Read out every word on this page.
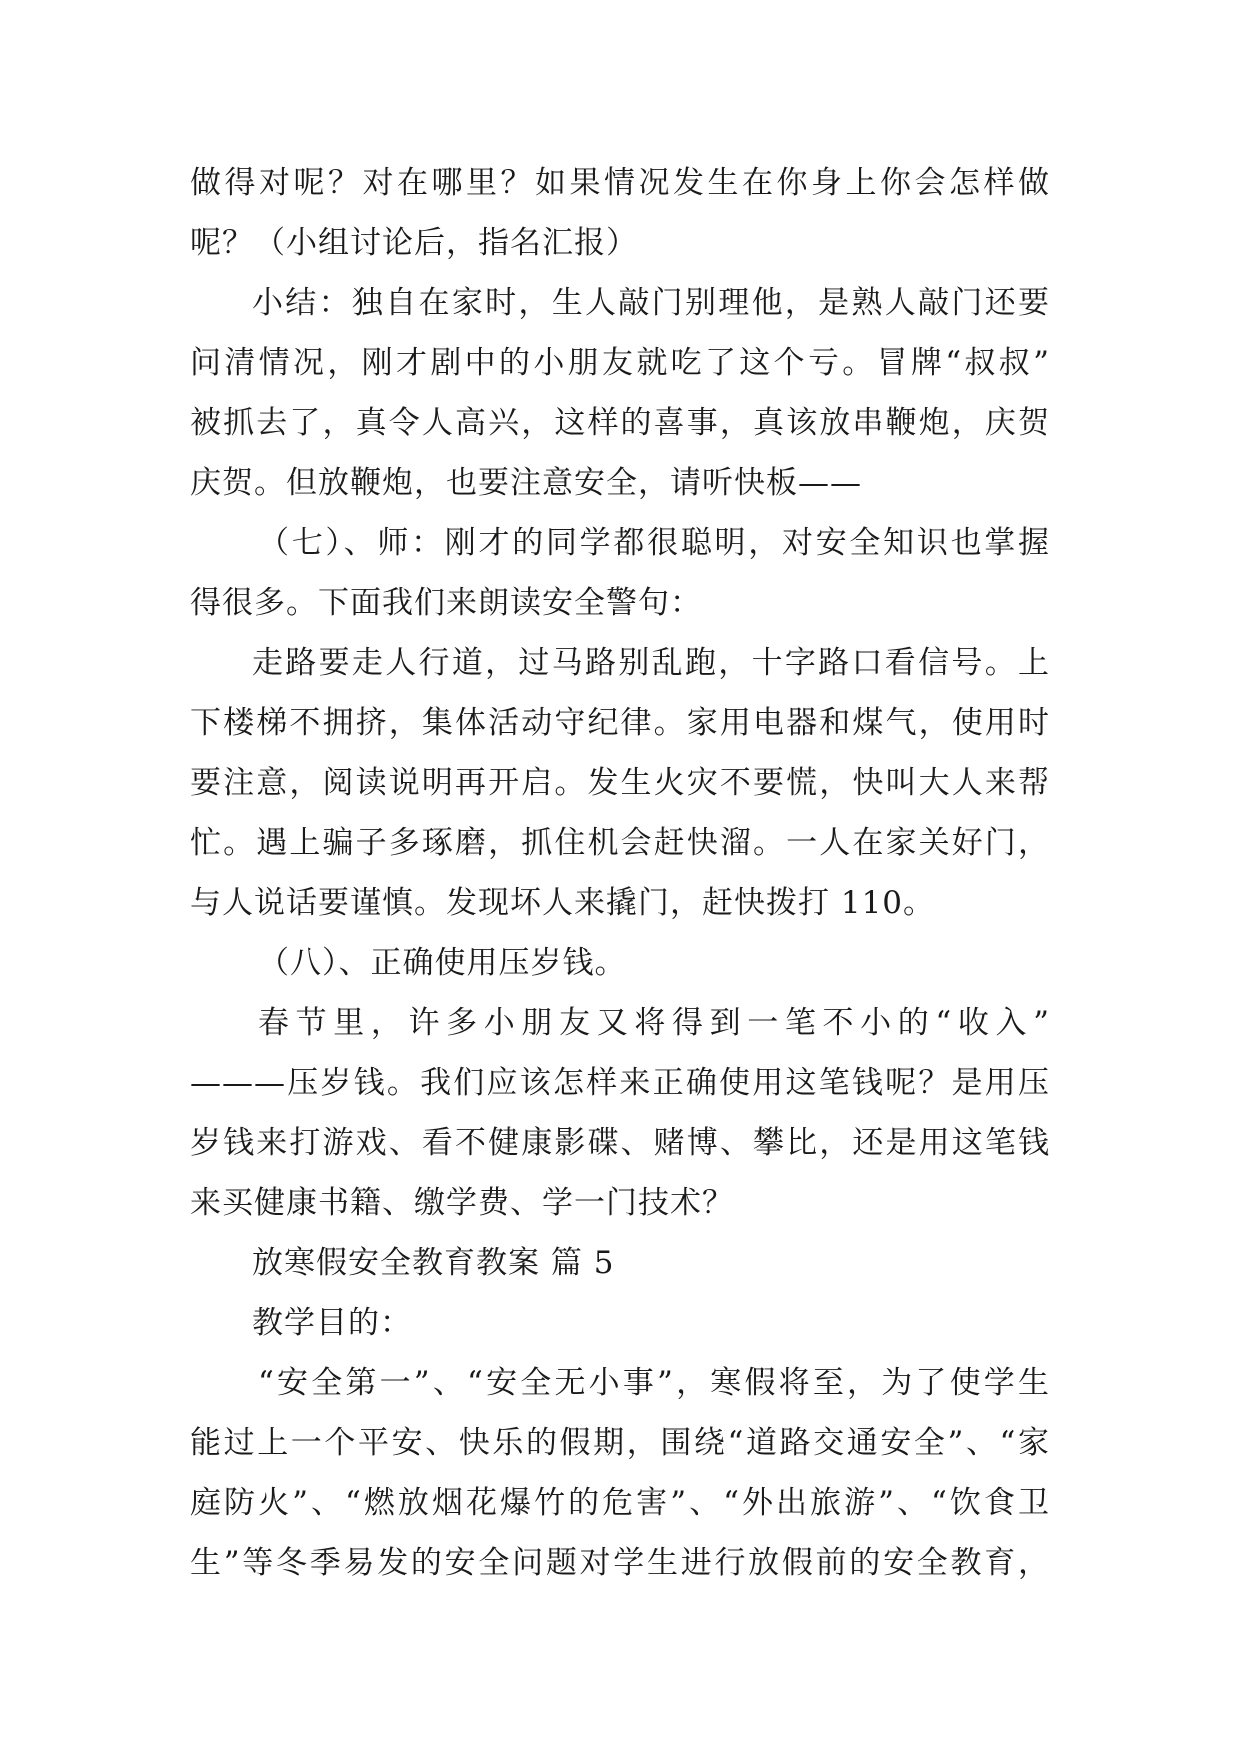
做得对呢？对在哪里？如果情况发生在你身上你会怎样做
呢？（小组讨论后，指名汇报）
小结：独自在家时，生人敲门别理他，是熟人敲门还要
问清情况，刚才剧中的小朋友就吃了这个亏。冒牌“叔叔”
被抓去了，真令人高兴，这样的喜事，真该放串鞭炮，庆贺
庆贺。但放鞭炮，也要注意安全，请听快板——
（七）、师：刚才的同学都很聪明，对安全知识也掌握
得很多。下面我们来朗读安全警句：
走路要走人行道，过马路别乱跑，十字路口看信号。上
下楼梯不拥挤，集体活动守纪律。家用电器和煤气，使用时
要注意，阅读说明再开启。发生火灾不要慌，快叫大人来帮
忙。遇上骗子多琢磨，抓住机会赶快溜。一人在家关好门，
与人说话要谨慎。发现坏人来撬门，赶快拨打 110。
（八）、正确使用压岁钱。
春节里，许多小朋友又将得到一笔不小的“收入”
———压岁钱。我们应该怎样来正确使用这笔钱呢？是用压
岁钱来打游戏、看不健康影碟、赌博、攀比，还是用这笔钱
来买健康书籍、缴学费、学一门技术？
放寒假安全教育教案 篇 5
教学目的：
“安全第一”、“安全无小事”，寒假将至，为了使学生
能过上一个平安、快乐的假期，围绕“道路交通安全”、“家
庭防火”、“燃放烟花爆竹的危害”、“外出旅游”、“饮食卫
生”等冬季易发的安全问题对学生进行放假前的安全教育，
